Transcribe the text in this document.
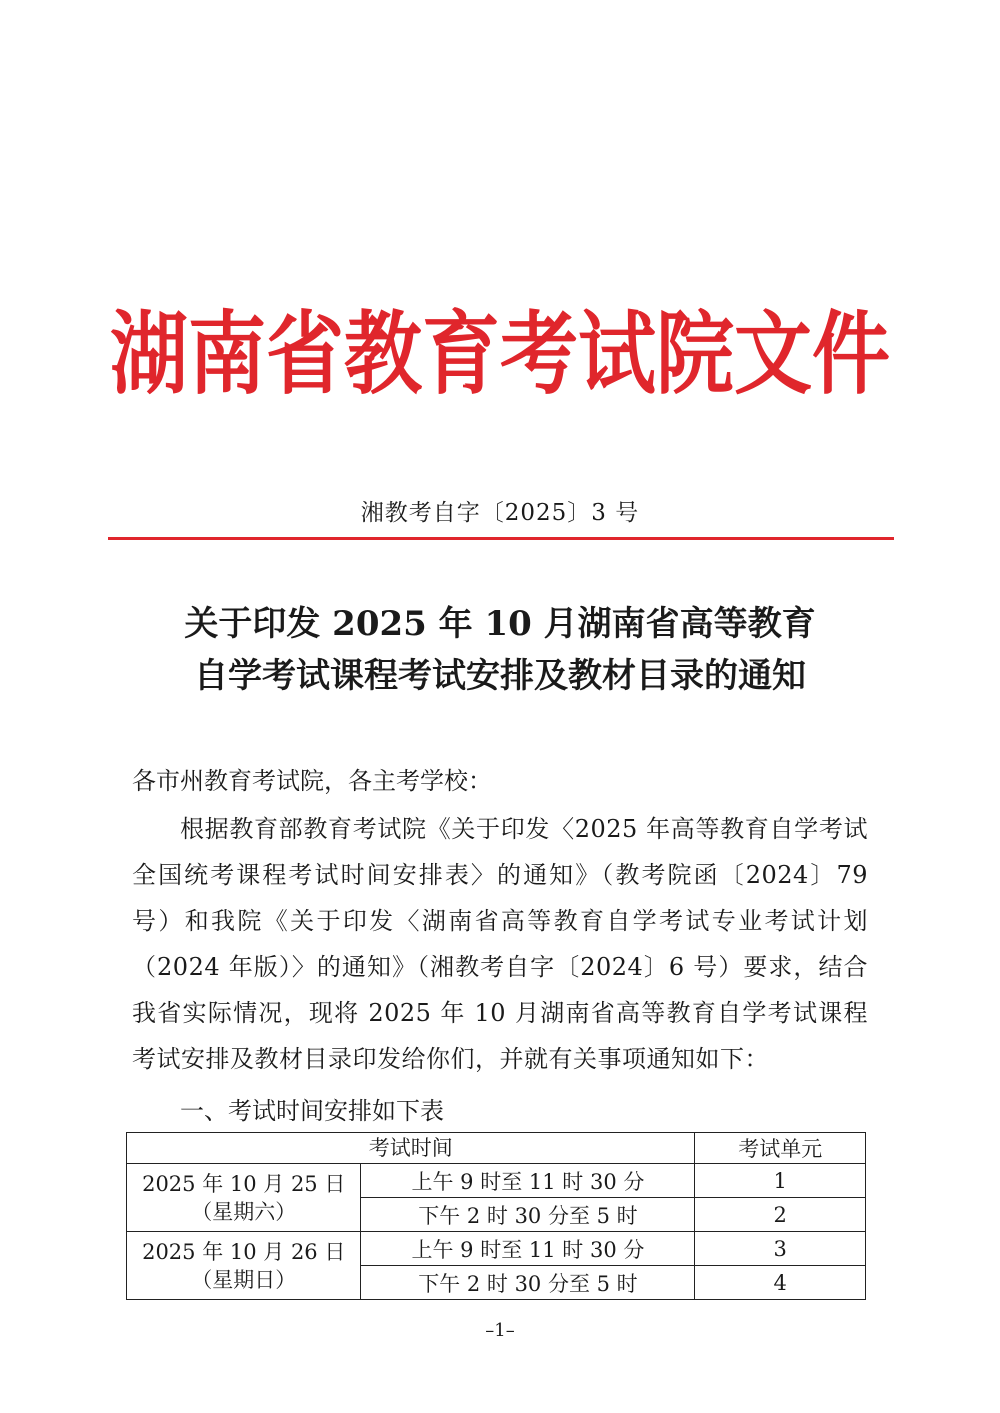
湖南省教育考试院文件
湘教考自字〔2025〕3 号
关于印发 2025 年 10 月湖南省高等教育
自学考试课程考试安排及教材目录的通知
各市州教育考试院，各主考学校：
根据教育部教育考试院《关于印发〈2025 年高等教育自学考试全国统考课程考试时间安排表〉的通知》（教考院函〔2024〕79 号）和我院《关于印发〈湖南省高等教育自学考试专业考试计划（2024 年版）〉的通知》（湘教考自字〔2024〕6 号）要求，结合我省实际情况，现将 2025 年 10 月湖南省高等教育自学考试课程考试安排及教材目录印发给你们，并就有关事项通知如下：
一、考试时间安排如下表
考试时间		考试单元

2025 年 10 月 25 日
（星期六）	上午 9 时至 11 时 30 分	1
	下午 2 时 30 分至 5 时	2

2025 年 10 月 26 日
（星期日）	上午 9 时至 11 时 30 分	3
	下午 2 时 30 分至 5 时	4
–1–
